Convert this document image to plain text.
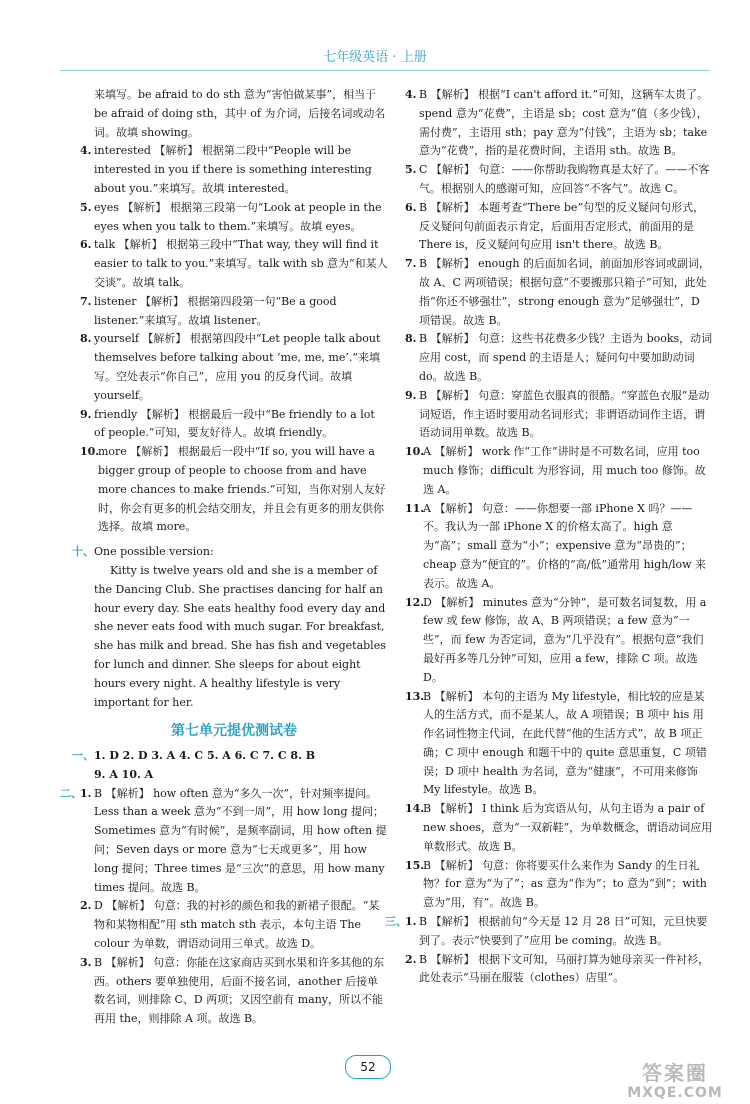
七年级英语 · 上册
来填写。be afraid to do sth 意为“害怕做某事”，相当于 be afraid of doing sth，其中 of 为介词，后接名词或动名词。故填 showing。
4. interested 【解析】 根据第二段中“People will be interested in you if there is something interesting about you.”来填写。故填 interested。
5. eyes 【解析】 根据第三段第一句“Look at people in the eyes when you talk to them.”来填写。故填 eyes。
6. talk 【解析】 根据第三段中“That way, they will find it easier to talk to you.”来填写。talk with sb 意为“和某人交谈”。故填 talk。
7. listener 【解析】 根据第四段第一句“Be a good listener.”来填写。故填 listener。
8. yourself 【解析】 根据第四段中“Let people talk about themselves before talking about ‘me, me, me’.”来填写。空处表示“你自己”，应用 you 的反身代词。故填 yourself。
9. friendly 【解析】 根据最后一段中“Be friendly to a lot of people.”可知，要友好待人。故填 friendly。
10.
more 【解析】 根据最后一段中“If so, you will have a bigger group of people to choose from and have more chances to make friends.”可知，当你对别人友好时，你会有更多的机会结交朋友，并且会有更多的朋友供你选择。故填 more。
十、 One possible version:

Kitty is twelve years old and she is a member of the Dancing Club. She practises dancing for half an hour every day. She eats healthy food every day and she never eats food with much sugar. For breakfast, she has milk and bread. She has fish and vegetables for lunch and dinner. She sleeps for about eight hours every night. A healthy lifestyle is very important for her.

第七单元提优测试卷
一、 1. D 2. D 3. A 4. C 5. A 6. C 7. C 8. B
9. A 10. A
二、
1. B 【解析】 how often 意为“多久一次”，针对频率提问。Less than a week 意为“不到一周”，用 how long 提问；Sometimes 意为“有时候”，是频率副词，用 how often 提问；Seven days or more 意为“七天或更多”，用 how long 提问；Three times 是“三次”的意思，用 how many times 提问。故选 B。
2. D 【解析】 句意：我的衬衫的颜色和我的新裙子很配。“某物和某物相配”用 sth match sth 表示，本句主语 The colour 为单数，谓语动词用三单式。故选 D。
3. B 【解析】 句意：你能在这家商店买到水果和许多其他的东西。others 要单独使用，后面不接名词，another 后接单数名词，则排除 C、D 两项；又因空前有 many，所以不能再用 the，则排除 A 项。故选 B。
4. B 【解析】 根据“I can't afford it.”可知，这辆车太贵了。spend 意为“花费”，主语是 sb；cost 意为“值（多少钱），需付费”，主语用 sth；pay 意为“付钱”，主语为 sb；take 意为“花费”，指的是花费时间，主语用 sth。故选 B。
5. C 【解析】 句意：——你帮助我购物真是太好了。——不客气。根据别人的感谢可知，应回答“不客气”。故选 C。
6. B 【解析】 本题考查“There be”句型的反义疑问句形式，反义疑问句前面表示肯定，后面用否定形式，前面用的是 There is，反义疑问句应用 isn't there。故选 B。
7. B 【解析】 enough 的后面加名词，前面加形容词或副词，故 A、C 两项错误；根据句意“不要搬那只箱子”可知，此处指“你还不够强壮”，strong enough 意为“足够强壮”，D 项错误。故选 B。
8. B 【解析】 句意：这些书花费多少钱？主语为 books，动词应用 cost，而 spend 的主语是人；疑问句中要加助动词 do。故选 B。
9. B 【解析】 句意：穿蓝色衣服真的很酷。“穿蓝色衣服”是动词短语，作主语时要用动名词形式；非谓语动词作主语，谓语动词用单数。故选 B。
10.
A 【解析】 work 作“工作”讲时是不可数名词，应用 too much 修饰；difficult 为形容词，用 much too 修饰。故选 A。
11.
A 【解析】 句意：——你想要一部 iPhone X 吗？——不。我认为一部 iPhone X 的价格太高了。high 意为“高”；small 意为“小”；expensive 意为“昂贵的”；cheap 意为“便宜的”。价格的“高/低”通常用 high/low 来表示。故选 A。
12.
D 【解析】 minutes 意为“分钟”，是可数名词复数，用 a few 或 few 修饰，故 A、B 两项错误；a few 意为“一些”，而 few 为否定词，意为“几乎没有”。根据句意“我们最好再多等几分钟”可知，应用 a few，排除 C 项。故选 D。
13.
B 【解析】 本句的主语为 My lifestyle，相比较的应是某人的生活方式，而不是某人，故 A 项错误；B 项中 his 用作名词性物主代词，在此代替“他的生活方式”，故 B 项正确；C 项中 enough 和题干中的 quite 意思重复，C 项错误；D 项中 health 为名词，意为“健康”，不可用来修饰 My lifestyle。故选 B。
14.
B 【解析】 I think 后为宾语从句，从句主语为 a pair of new shoes，意为“一双新鞋”，为单数概念，谓语动词应用单数形式。故选 B。
15.
B 【解析】 句意：你将要买什么来作为 Sandy 的生日礼物？for 意为“为了”；as 意为“作为”；to 意为“到”；with 意为“用，有”。故选 B。
三、
1. B 【解析】 根据前句“今天是 12 月 28 日”可知，元旦快要到了。表示“快要到了”应用 be coming。故选 B。
2. B 【解析】 根据下文可知，马丽打算为她母亲买一件衬衫，此处表示“马丽在服装（clothes）店里”。
52	答案圈
MXQE.COM
